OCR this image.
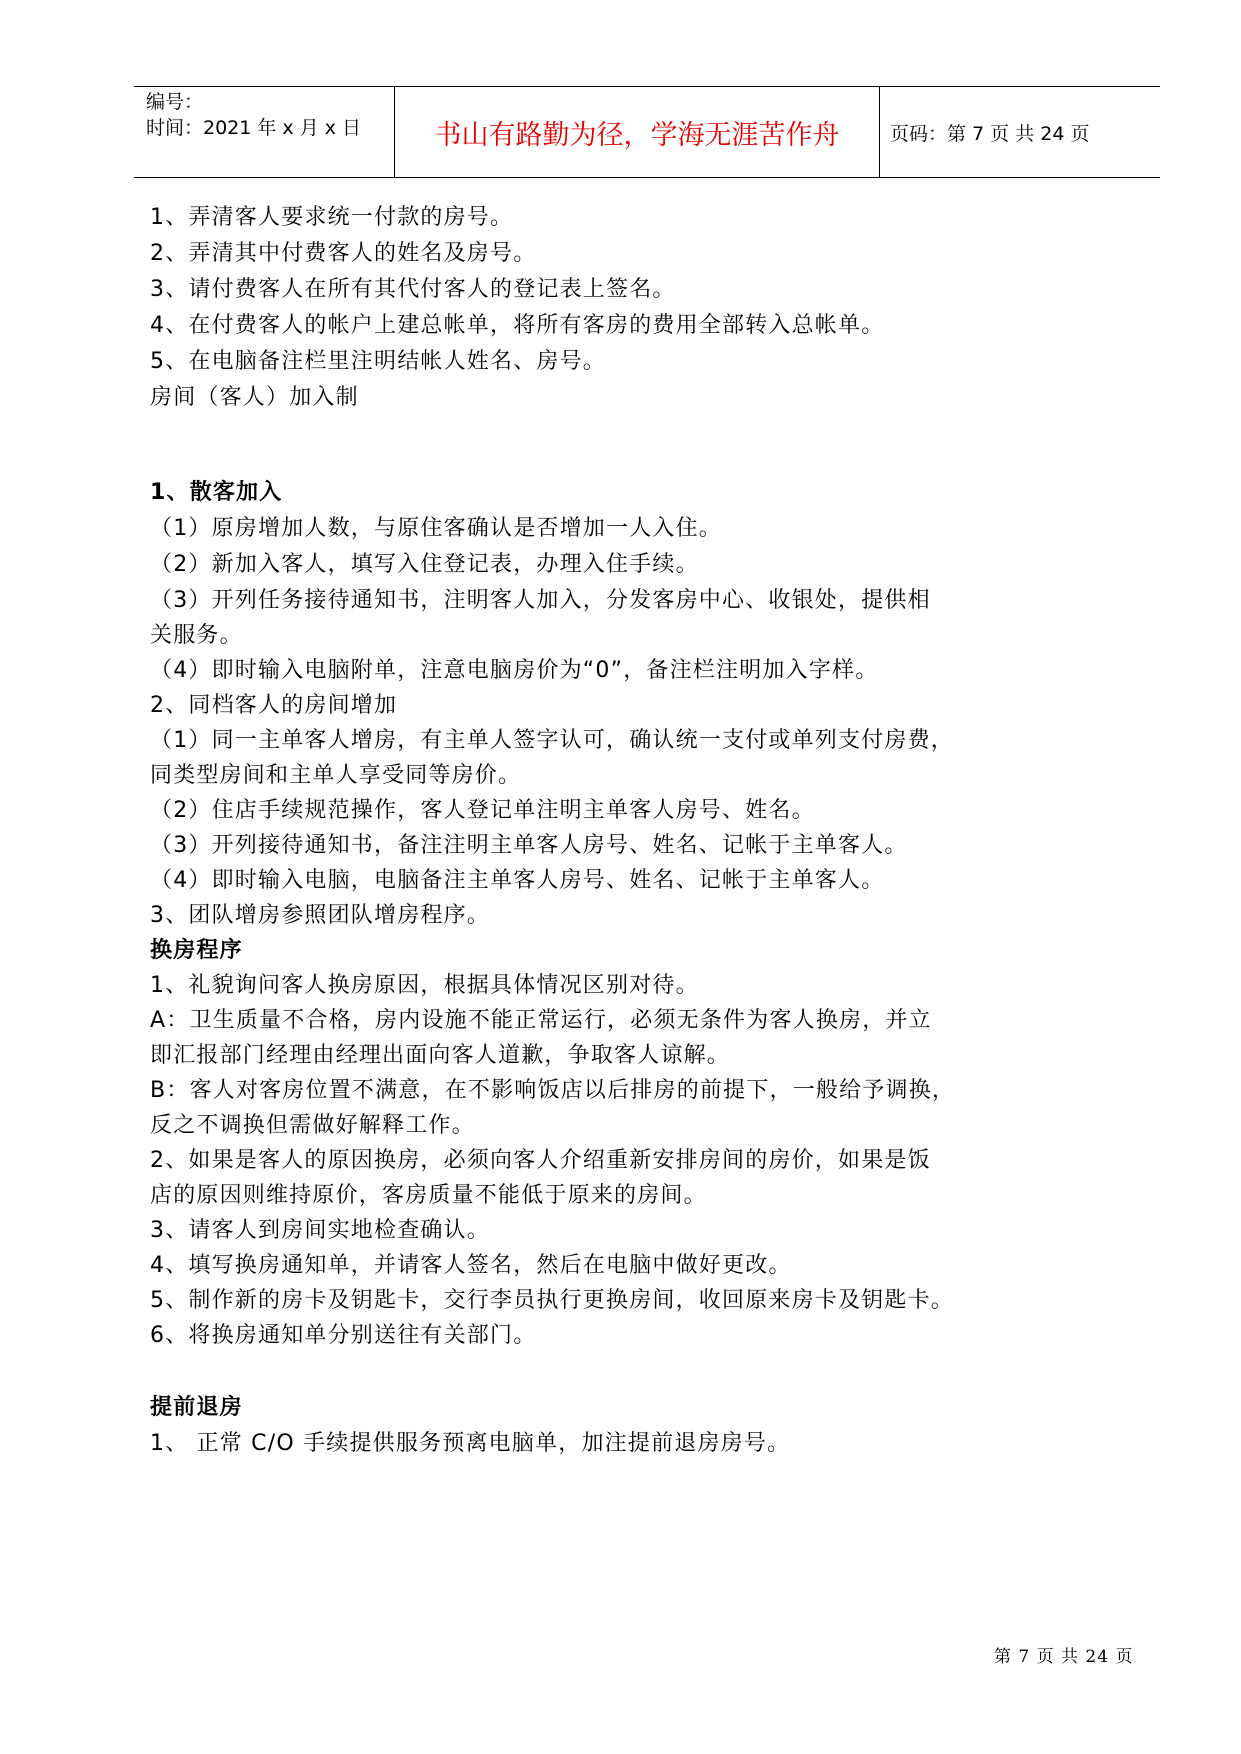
编号：
时间：2021 年 x 月 x 日	书山有路勤为径，学海无涯苦作舟	页码：第 7 页 共 24 页
1、弄清客人要求统一付款的房号。
2、弄清其中付费客人的姓名及房号。
3、请付费客人在所有其代付客人的登记表上签名。
4、在付费客人的帐户上建总帐单，将所有客房的费用全部转入总帐单。
5、在电脑备注栏里注明结帐人姓名、房号。
房间（客人）加入制
1、散客加入
（1）原房增加人数，与原住客确认是否增加一人入住。
（2）新加入客人，填写入住登记表，办理入住手续。
（3）开列任务接待通知书，注明客人加入，分发客房中心、收银处，提供相
关服务。
（4）即时输入电脑附单，注意电脑房价为“0”，备注栏注明加入字样。
2、同档客人的房间增加
（1）同一主单客人增房，有主单人签字认可，确认统一支付或单列支付房费，
同类型房间和主单人享受同等房价。
（2）住店手续规范操作，客人登记单注明主单客人房号、姓名。
（3）开列接待通知书，备注注明主单客人房号、姓名、记帐于主单客人。
（4）即时输入电脑，电脑备注主单客人房号、姓名、记帐于主单客人。
3、团队增房参照团队增房程序。
换房程序
1、礼貌询问客人换房原因，根据具体情况区别对待。
A：卫生质量不合格，房内设施不能正常运行，必须无条件为客人换房，并立
即汇报部门经理由经理出面向客人道歉，争取客人谅解。
B：客人对客房位置不满意，在不影响饭店以后排房的前提下，一般给予调换，
反之不调换但需做好解释工作。
2、如果是客人的原因换房，必须向客人介绍重新安排房间的房价，如果是饭
店的原因则维持原价，客房质量不能低于原来的房间。
3、请客人到房间实地检查确认。
4、填写换房通知单，并请客人签名，然后在电脑中做好更改。
5、制作新的房卡及钥匙卡，交行李员执行更换房间，收回原来房卡及钥匙卡。
6、将换房通知单分别送往有关部门。
提前退房
1、 正常 C/O 手续提供服务预离电脑单，加注提前退房房号。
第 7 页 共 24 页
